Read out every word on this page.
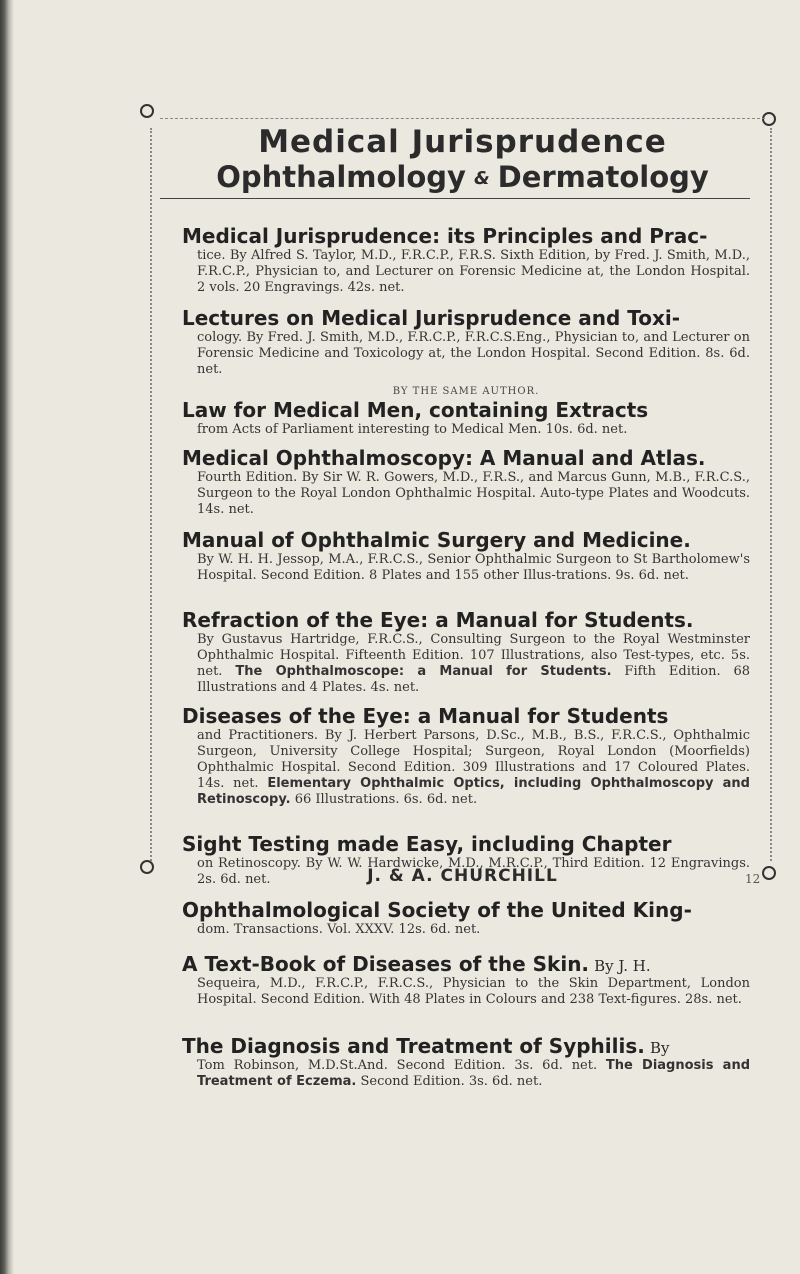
Medical Jurisprudence
Ophthalmology & Dermatology
Medical Jurisprudence: its Principles and Prac-
tice. By Alfred S. Taylor, M.D., F.R.C.P., F.R.S. Sixth Edition, by Fred. J. Smith, M.D., F.R.C.P., Physician to, and Lecturer on Forensic Medicine at, the London Hospital. 2 vols. 20 Engravings. 42s. net.
Lectures on Medical Jurisprudence and Toxi-
cology. By Fred. J. Smith, M.D., F.R.C.P., F.R.C.S.Eng., Physician to, and Lecturer on Forensic Medicine and Toxicology at, the London Hospital. Second Edition. 8s. 6d. net.
BY THE SAME AUTHOR.
Law for Medical Men, containing Extracts
from Acts of Parliament interesting to Medical Men. 10s. 6d. net.
Medical Ophthalmoscopy: A Manual and Atlas.
Fourth Edition. By Sir W. R. Gowers, M.D., F.R.S., and Marcus Gunn, M.B., F.R.C.S., Surgeon to the Royal London Ophthalmic Hospital. Auto-type Plates and Woodcuts. 14s. net.
Manual of Ophthalmic Surgery and Medicine.
By W. H. H. Jessop, M.A., F.R.C.S., Senior Ophthalmic Surgeon to St Bartholomew's Hospital. Second Edition. 8 Plates and 155 other Illus-trations. 9s. 6d. net.
Refraction of the Eye: a Manual for Students.
By Gustavus Hartridge, F.R.C.S., Consulting Surgeon to the Royal Westminster Ophthalmic Hospital. Fifteenth Edition. 107 Illustrations, also Test-types, etc. 5s. net. The Ophthalmoscope: a Manual for Students. Fifth Edition. 68 Illustrations and 4 Plates. 4s. net.
Diseases of the Eye: a Manual for Students
and Practitioners. By J. Herbert Parsons, D.Sc., M.B., B.S., F.R.C.S., Ophthalmic Surgeon, University College Hospital; Surgeon, Royal London (Moorfields) Ophthalmic Hospital. Second Edition. 309 Illustrations and 17 Coloured Plates. 14s. net. Elementary Ophthalmic Optics, including Ophthalmoscopy and Retinoscopy. 66 Illustrations. 6s. 6d. net.
Sight Testing made Easy, including Chapter
on Retinoscopy. By W. W. Hardwicke, M.D., M.R.C.P., Third Edition. 12 Engravings. 2s. 6d. net.
Ophthalmological Society of the United King-
dom. Transactions. Vol. XXXV. 12s. 6d. net.
A Text-Book of Diseases of the Skin. By J. H.
Sequeira, M.D., F.R.C.P., F.R.C.S., Physician to the Skin Department, London Hospital. Second Edition. With 48 Plates in Colours and 238 Text-figures. 28s. net.
The Diagnosis and Treatment of Syphilis. By
Tom Robinson, M.D.St.And. Second Edition. 3s. 6d. net. The Diagnosis and Treatment of Eczema. Second Edition. 3s. 6d. net.
J. & A. CHURCHILL	12
